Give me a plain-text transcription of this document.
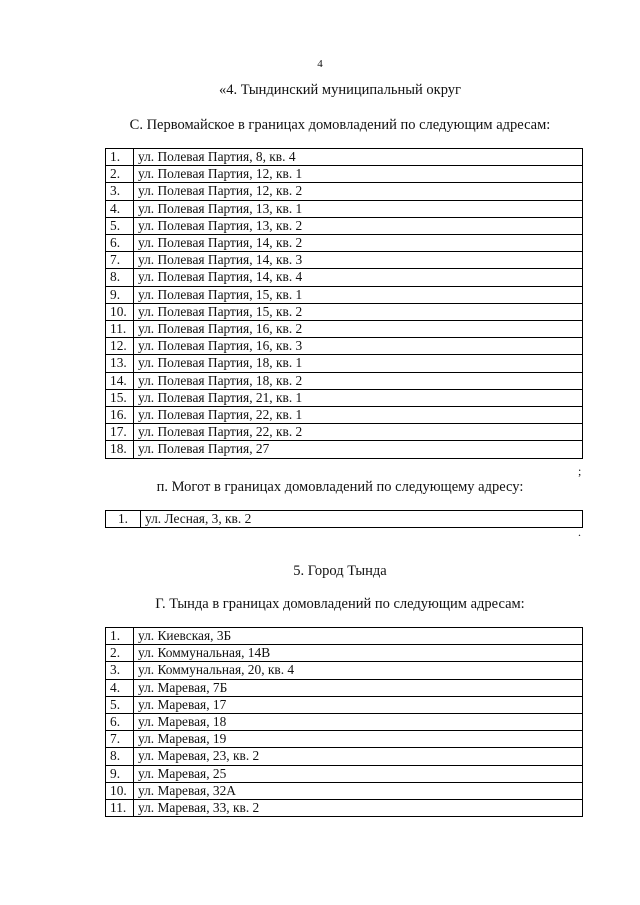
4
«4. Тындинский муниципальный округ
С. Первомайское в границах домовладений по следующим адресам:
1.	ул. Полевая Партия, 8, кв. 4
2.	ул. Полевая Партия, 12, кв. 1
3.	ул. Полевая Партия, 12, кв. 2
4.	ул. Полевая Партия, 13, кв. 1
5.	ул. Полевая Партия, 13, кв. 2
6.	ул. Полевая Партия, 14, кв. 2
7.	ул. Полевая Партия, 14, кв. 3
8.	ул. Полевая Партия, 14, кв. 4
9.	ул. Полевая Партия, 15, кв. 1
10.	ул. Полевая Партия, 15, кв. 2
11.	ул. Полевая Партия, 16, кв. 2
12.	ул. Полевая Партия, 16, кв. 3
13.	ул. Полевая Партия, 18, кв. 1
14.	ул. Полевая Партия, 18, кв. 2
15.	ул. Полевая Партия, 21, кв. 1
16.	ул. Полевая Партия, 22, кв. 1
17.	ул. Полевая Партия, 22, кв. 2
18.	ул. Полевая Партия, 27
;
п. Могот в границах домовладений по следующему адресу:
1.	ул. Лесная, 3, кв. 2
.
5. Город Тында
Г. Тында в границах домовладений по следующим адресам:
1.	ул. Киевская, 3Б
2.	ул. Коммунальная, 14В
3.	ул. Коммунальная, 20, кв. 4
4.	ул. Маревая, 7Б
5.	ул. Маревая, 17
6.	ул. Маревая, 18
7.	ул. Маревая, 19
8.	ул. Маревая, 23, кв. 2
9.	ул. Маревая, 25
10.	ул. Маревая, 32А
11.	ул. Маревая, 33, кв. 2
